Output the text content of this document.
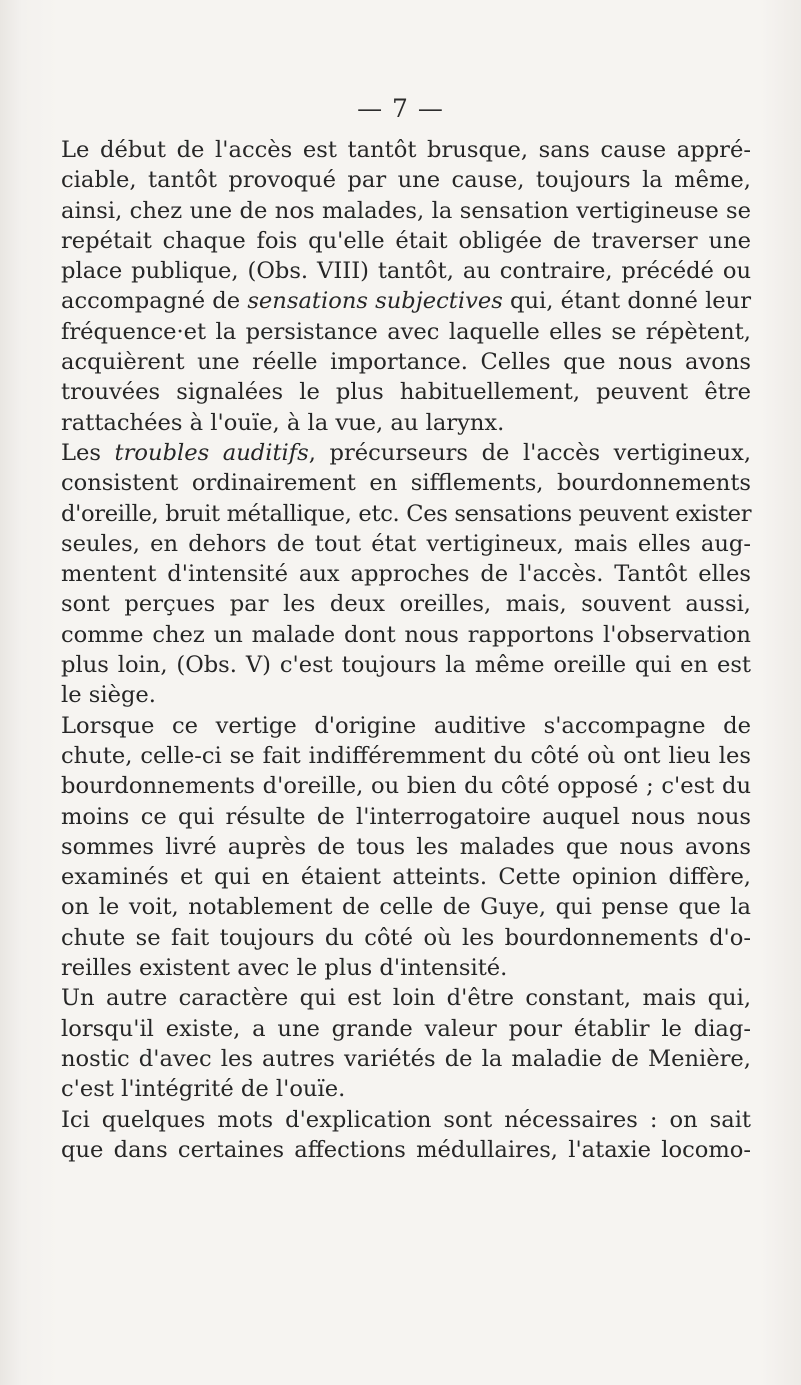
— 7 —
Le début de l'accès est tantôt brusque, sans cause appré-
ciable, tantôt provoqué par une cause, toujours la même,
ainsi, chez une de nos malades, la sensation vertigineuse se
repétait chaque fois qu'elle était obligée de traverser une
place publique, (Obs. VIII) tantôt, au contraire, précédé ou
accompagné de sensations subjectives qui, étant donné leur
fréquence·et la persistance avec laquelle elles se répètent,
acquièrent une réelle importance. Celles que nous avons
trouvées signalées le plus habituellement, peuvent être
rattachées à l'ouïe, à la vue, au larynx.
Les troubles auditifs, précurseurs de l'accès vertigineux,
consistent ordinairement en sifflements, bourdonnements
d'oreille, bruit métallique, etc. Ces sensations peuvent exister
seules, en dehors de tout état vertigineux, mais elles aug-
mentent d'intensité aux approches de l'accès. Tantôt elles
sont perçues par les deux oreilles, mais, souvent aussi,
comme chez un malade dont nous rapportons l'observation
plus loin, (Obs. V) c'est toujours la même oreille qui en est
le siège.
Lorsque ce vertige d'origine auditive s'accompagne de
chute, celle-ci se fait indifféremment du côté où ont lieu les
bourdonnements d'oreille, ou bien du côté opposé ; c'est du
moins ce qui résulte de l'interrogatoire auquel nous nous
sommes livré auprès de tous les malades que nous avons
examinés et qui en étaient atteints. Cette opinion diffère,
on le voit, notablement de celle de Guye, qui pense que la
chute se fait toujours du côté où les bourdonnements d'o-
reilles existent avec le plus d'intensité.
Un autre caractère qui est loin d'être constant, mais qui,
lorsqu'il existe, a une grande valeur pour établir le diag-
nostic d'avec les autres variétés de la maladie de Menière,
c'est l'intégrité de l'ouïe.
Ici quelques mots d'explication sont nécessaires : on sait
que dans certaines affections médullaires, l'ataxie locomo-
